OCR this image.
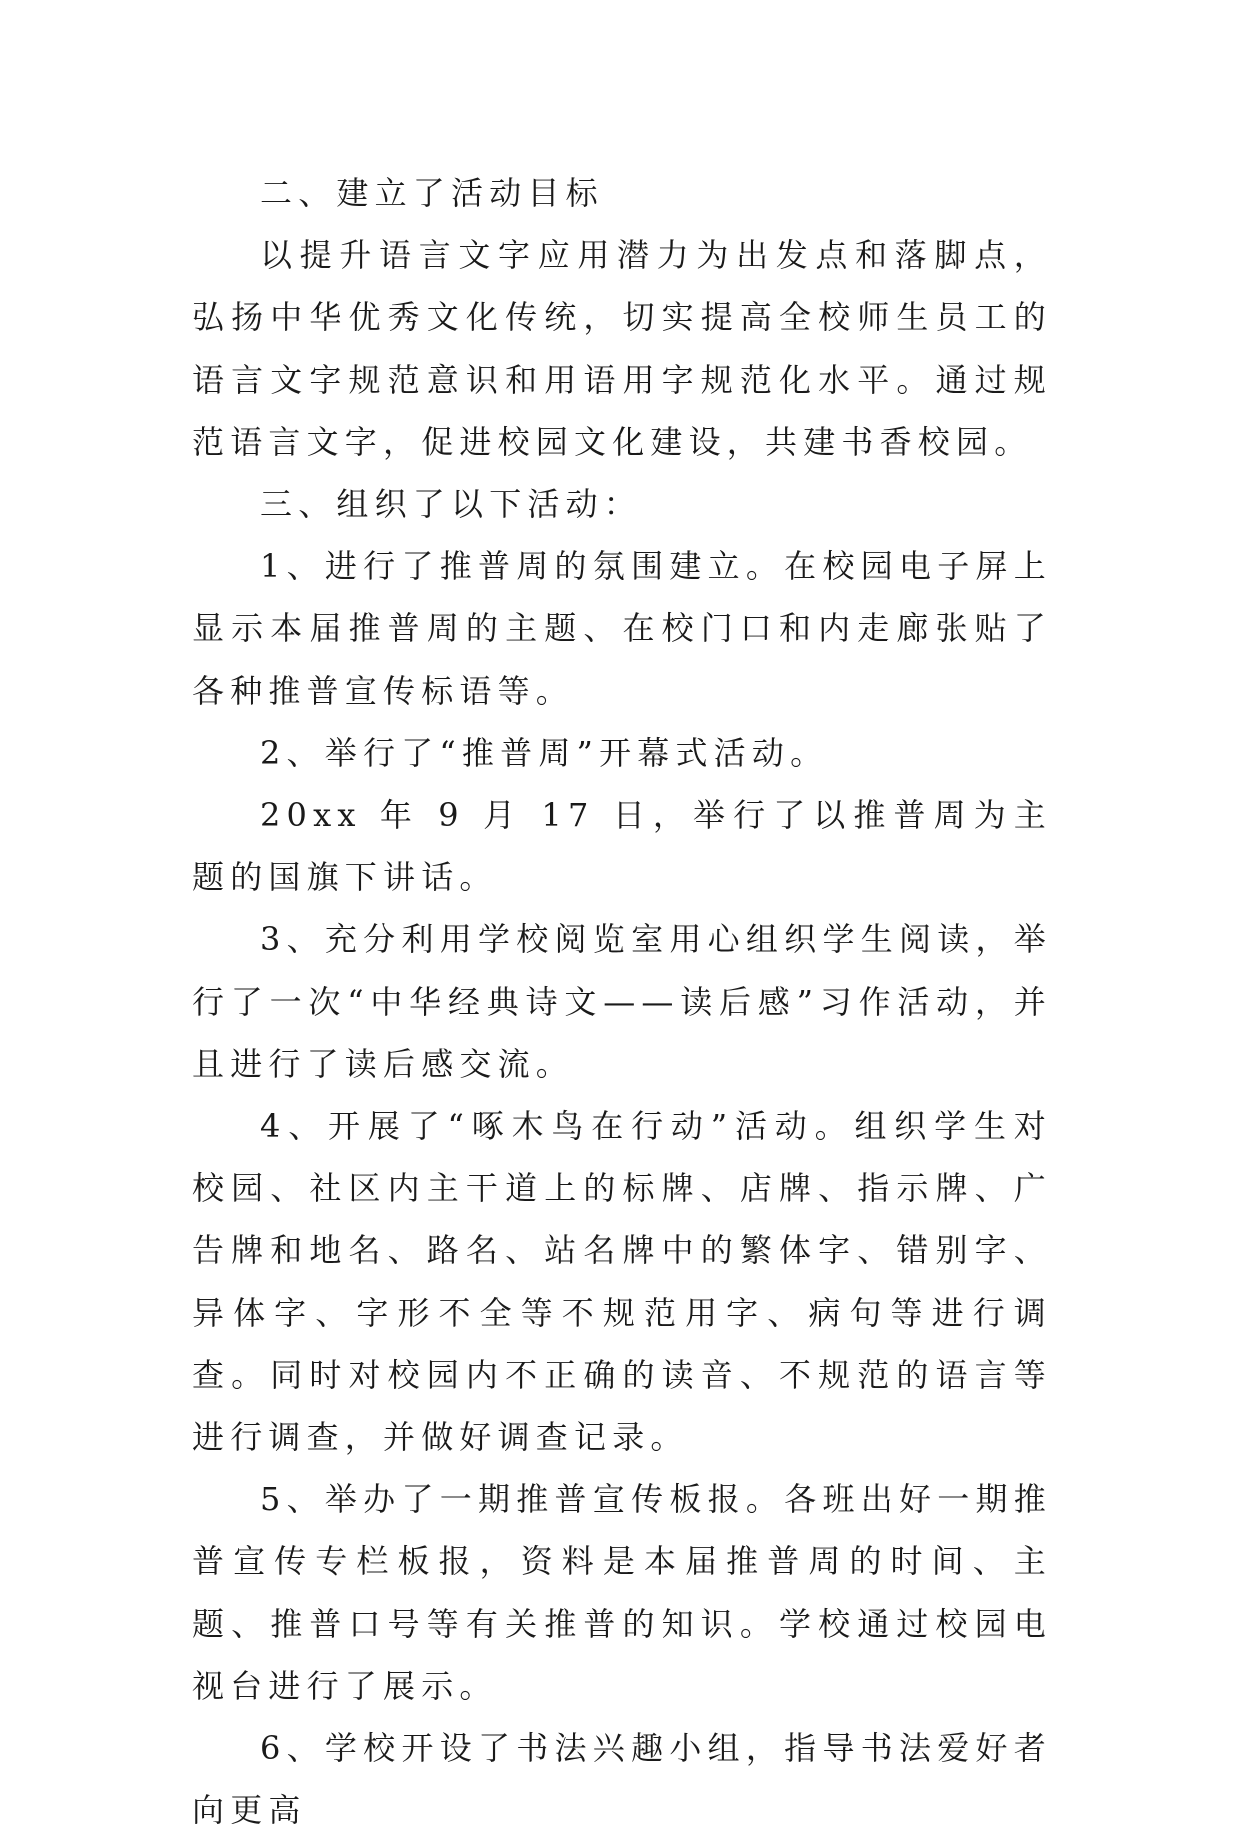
二、建立了活动目标

以提升语言文字应用潜力为出发点和落脚点，弘扬中华优秀文化传统，切实提高全校师生员工的语言文字规范意识和用语用字规范化水平。通过规范语言文字，促进校园文化建设，共建书香校园。

三、组织了以下活动：

1、进行了推普周的氛围建立。在校园电子屏上显示本届推普周的主题、在校门口和内走廊张贴了各种推普宣传标语等。

2、举行了“推普周”开幕式活动。

20xx 年 9 月 17 日，举行了以推普周为主题的国旗下讲话。

3、充分利用学校阅览室用心组织学生阅读，举行了一次“中华经典诗文——读后感”习作活动，并且进行了读后感交流。

4、开展了“啄木鸟在行动”活动。组织学生对校园、社区内主干道上的标牌、店牌、指示牌、广告牌和地名、路名、站名牌中的繁体字、错别字、异体字、字形不全等不规范用字、病句等进行调查。同时对校园内不正确的读音、不规范的语言等进行调查，并做好调查记录。

5、举办了一期推普宣传板报。各班出好一期推普宣传专栏板报，资料是本届推普周的时间、主题、推普口号等有关推普的知识。学校通过校园电视台进行了展示。

6、学校开设了书法兴趣小组，指导书法爱好者向更高
